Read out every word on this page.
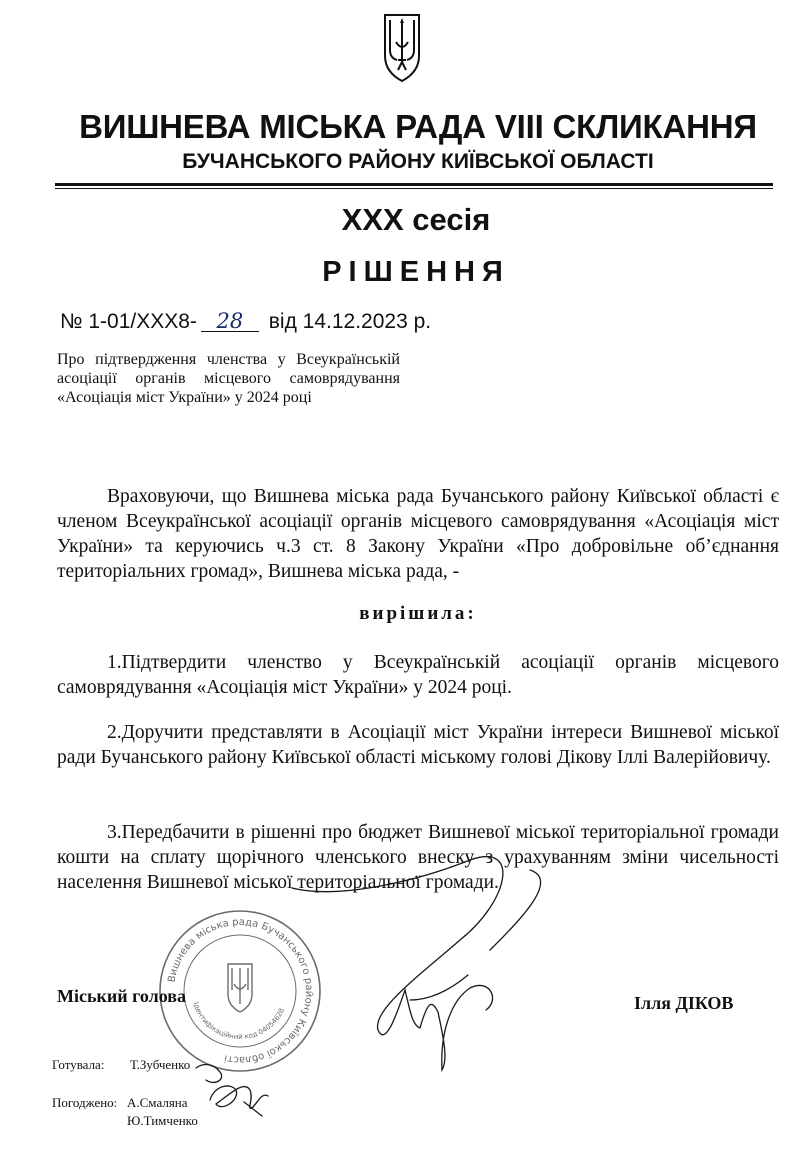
ВИШНЕВА МІСЬКА РАДА VIII СКЛИКАННЯ
БУЧАНСЬКОГО РАЙОНУ КИЇВСЬКОЇ ОБЛАСТІ
ХХХ сесія
РІШЕННЯ
№ 1-01/ХХХ8- 28 від 14.12.2023 р.
Про підтвердження членства у Всеукраїнській асоціації органів місцевого самоврядування «Асоціація міст України» у 2024 році
Враховуючи, що Вишнева міська рада Бучанського району Київської області є членом Всеукраїнської асоціації органів місцевого самоврядування «Асоціація міст України» та керуючись ч.3 ст. 8 Закону України «Про добровільне об’єднання територіальних громад», Вишнева міська рада, -
вирішила:
1.Підтвердити членство у Всеукраїнській асоціації органів місцевого самоврядування «Асоціація міст України» у 2024 році.
2.Доручити представляти в Асоціації міст України інтереси Вишневої міської ради Бучанського району Київської області міському голові Дікову Іллі Валерійовичу.
3.Передбачити в рішенні про бюджет Вишневої міської територіальної громади кошти на сплату щорічного членського внеску з урахуванням зміни чисельності населення Вишневої міської територіальної громади.
Вишнева міська рада Бучанського району Київської області
Ідентифікаційний код 04054628
Міський голова	Ілля ДІКОВ
Готувала: Т.Зубченко
Погоджено: А.Смаляна
Ю.Тимченко
